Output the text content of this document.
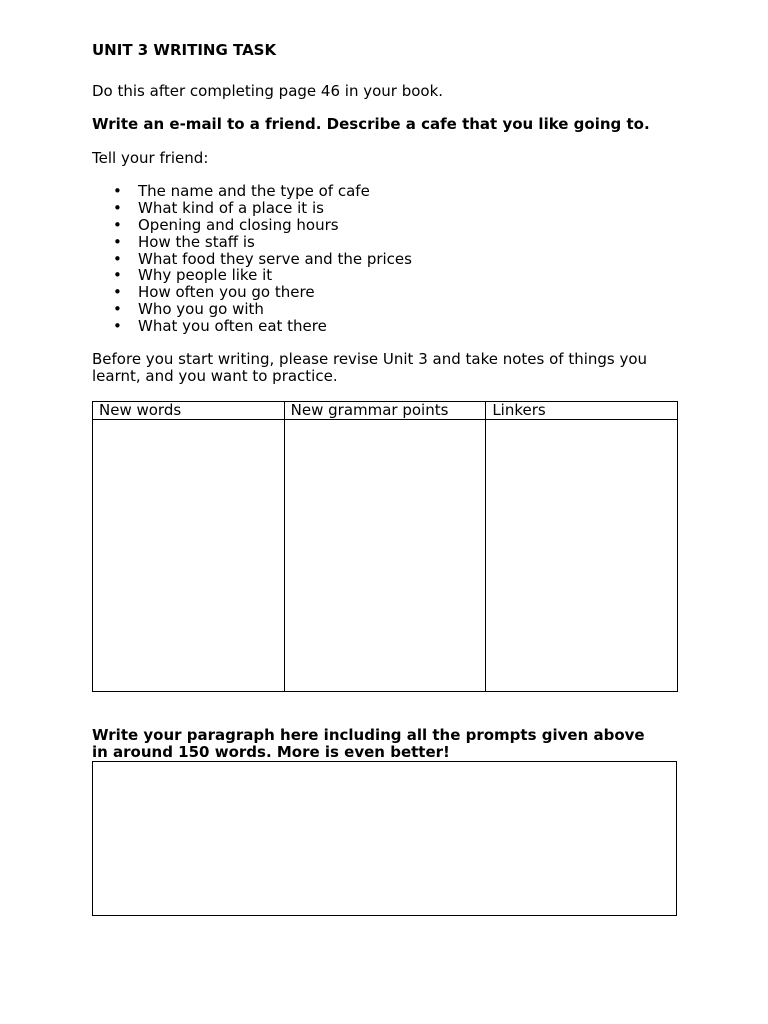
UNIT 3 WRITING TASK

Do this after completing page 46 in your book.

Write an e-mail to a friend. Describe a cafe that you like going to.

Tell your friend:

• The name and the type of cafe
• What kind of a place it is
• Opening and closing hours
• How the staff is
• What food they serve and the prices
• Why people like it
• How often you go there
• Who you go with
• What you often eat there

Before you start writing, please revise Unit 3 and take notes of things you
learnt, and you want to practice.

New words	New grammar points	Linkers

Write your paragraph here including all the prompts given above
in around 150 words. More is even better!
